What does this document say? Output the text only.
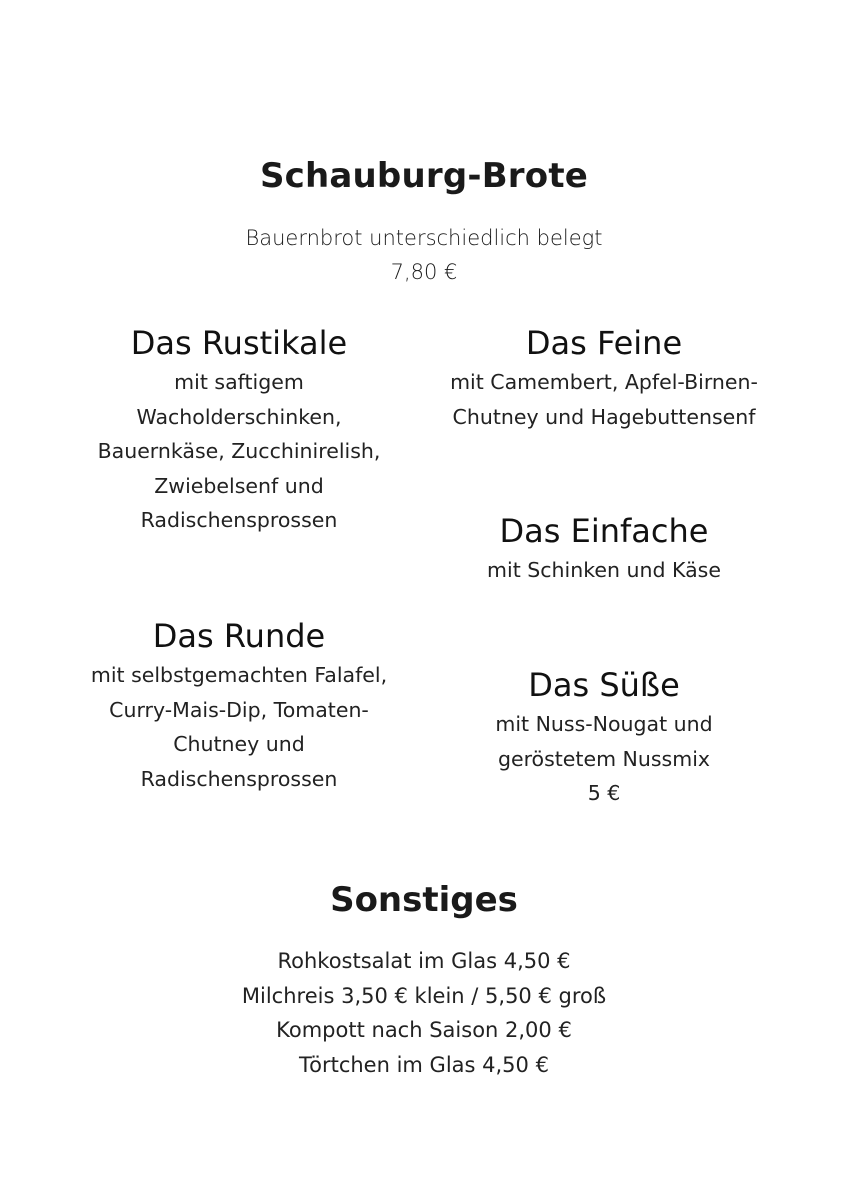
Schauburg-Brote
Bauernbrot unterschiedlich belegt
7,80 €
Das Rustikale
mit saftigem
Wacholderschinken,
Bauernkäse, Zucchinirelish,
Zwiebelsenf und
Radischensprossen
Das Feine
mit Camembert, Apfel-Birnen-
Chutney und Hagebuttensenf
Das Einfache
mit Schinken und Käse
Das Runde
mit selbstgemachten Falafel,
Curry-Mais-Dip, Tomaten-
Chutney und
Radischensprossen
Das Süße
mit Nuss-Nougat und
geröstetem Nussmix
5 €
Sonstiges
Rohkostsalat im Glas 4,50 €
Milchreis 3,50 € klein / 5,50 € groß
Kompott nach Saison 2,00 €
Törtchen im Glas 4,50 €
